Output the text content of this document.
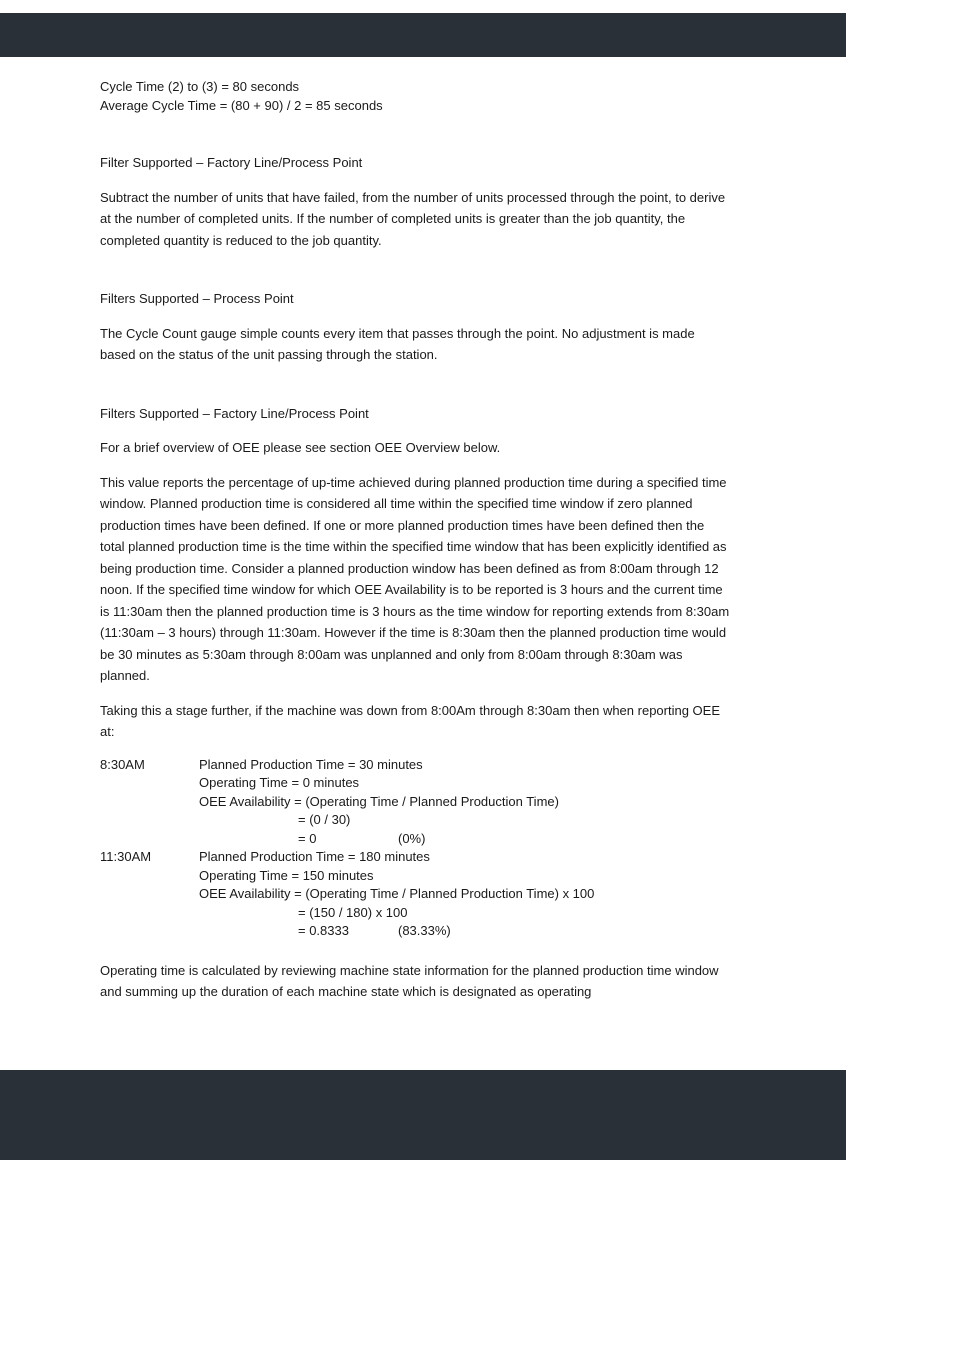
Cycle Time (2) to (3) = 80 seconds

Average Cycle Time = (80 + 90) / 2 = 85 seconds

Filter Supported – Factory Line/Process Point

Subtract the number of units that have failed, from the number of units processed through the point, to derive at the number of completed units. If the number of completed units is greater than the job quantity, the completed quantity is reduced to the job quantity.

Filters Supported – Process Point

The Cycle Count gauge simple counts every item that passes through the point. No adjustment is made based on the status of the unit passing through the station.

Filters Supported – Factory Line/Process Point

For a brief overview of OEE please see section OEE Overview below.

This value reports the percentage of up-time achieved during planned production time during a specified time window. Planned production time is considered all time within the specified time window if zero planned production times have been defined. If one or more planned production times have been defined then the total planned production time is the time within the specified time window that has been explicitly identified as being production time. Consider a planned production window has been defined as from 8:00am through 12 noon. If the specified time window for which OEE Availability is to be reported is 3 hours and the current time is 11:30am then the planned production time is 3 hours as the time window for reporting extends from 8:30am (11:30am – 3 hours) through 11:30am. However if the time is 8:30am then the planned production time would be 30 minutes as 5:30am through 8:00am was unplanned and only from 8:00am through 8:30am was planned.

Taking this a stage further, if the machine was down from 8:00Am through 8:30am then when reporting OEE at:

8:30AM	Planned Production Time = 30 minutes
Operating Time = 0 minutes
OEE Availability = (Operating Time / Planned Production Time)
= (0 / 30)
= 0	(0%)
11:30AM	Planned Production Time = 180 minutes
Operating Time = 150 minutes
OEE Availability = (Operating Time / Planned Production Time) x 100
= (150 / 180) x 100
= 0.8333	(83.33%)

Operating time is calculated by reviewing machine state information for the planned production time window and summing up the duration of each machine state which is designated as operating
